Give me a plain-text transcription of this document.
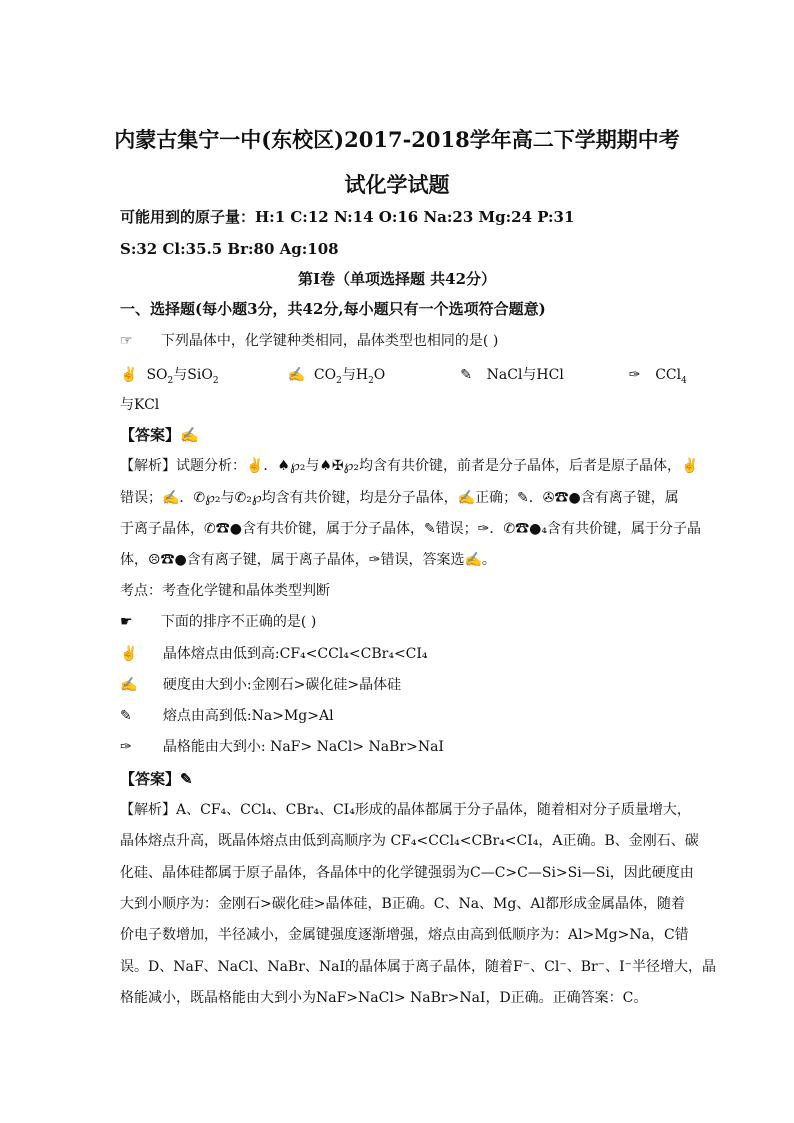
内蒙古集宁一中(东校区)2017-2018学年高二下学期期中考
试化学试题
可能用到的原子量：H:1 C:12 N:14 O:16 Na:23 Mg:24 P:31
S:32 Cl:35.5 Br:80 Ag:108
第Ⅰ卷（单项选择题 共42分）
一、选择题(每小题3分，共42分,每小题只有一个选项符合题意)
☞ 下列晶体中，化学键种类相同，晶体类型也相同的是( )
✌ $SO_2$与SiO$_2$	✍ $CO_2$与$H_2O$	✎ NaCl与HCl	✑ CCl$_4$
与KCl
【答案】✍
【解析】试题分析：✌．♠℘₂与♠✠℘₂均含有共价键，前者是分子晶体，后者是原子晶体，✌
错误；✍．✆℘₂与✆₂℘均含有共价键，均是分子晶体，✍正确；✎．✇☎●含有离子键，属
于离子晶体，✆☎●含有共价键，属于分子晶体，✎错误；✑．✆☎●₄含有共价键，属于分子晶
体，☹☎●含有离子键，属于离子晶体，✑错误，答案选✍。
考点：考查化学键和晶体类型判断
☛ 下面的排序不正确的是( )
✌ 晶体熔点由低到高:CF₄<CCl₄<CBr₄<CI₄
✍ 硬度由大到小:金刚石>碳化硅>晶体硅
✎ 熔点由高到低:Na>Mg>Al
✑ 晶格能由大到小: NaF> NaCl> NaBr>NaI
【答案】✎
【解析】A、CF₄、CCl₄、CBr₄、CI₄形成的晶体都属于分子晶体，随着相对分子质量增大，
晶体熔点升高，既晶体熔点由低到高顺序为 CF₄<CCl₄<CBr₄<CI₄，A正确。B、金刚石、碳
化硅、晶体硅都属于原子晶体，各晶体中的化学键强弱为C—C>C—Si>Si—Si，因此硬度由
大到小顺序为：金刚石>碳化硅>晶体硅，B正确。C、Na、Mg、Al都形成金属晶体，随着
价电子数增加，半径减小，金属键强度逐渐增强，熔点由高到低顺序为：Al>Mg>Na，C错
误。D、NaF、NaCl、NaBr、NaI的晶体属于离子晶体，随着F⁻、Cl⁻、Br⁻、I⁻半径增大，晶
格能减小，既晶格能由大到小为NaF>NaCl> NaBr>NaI，D正确。正确答案：C。
